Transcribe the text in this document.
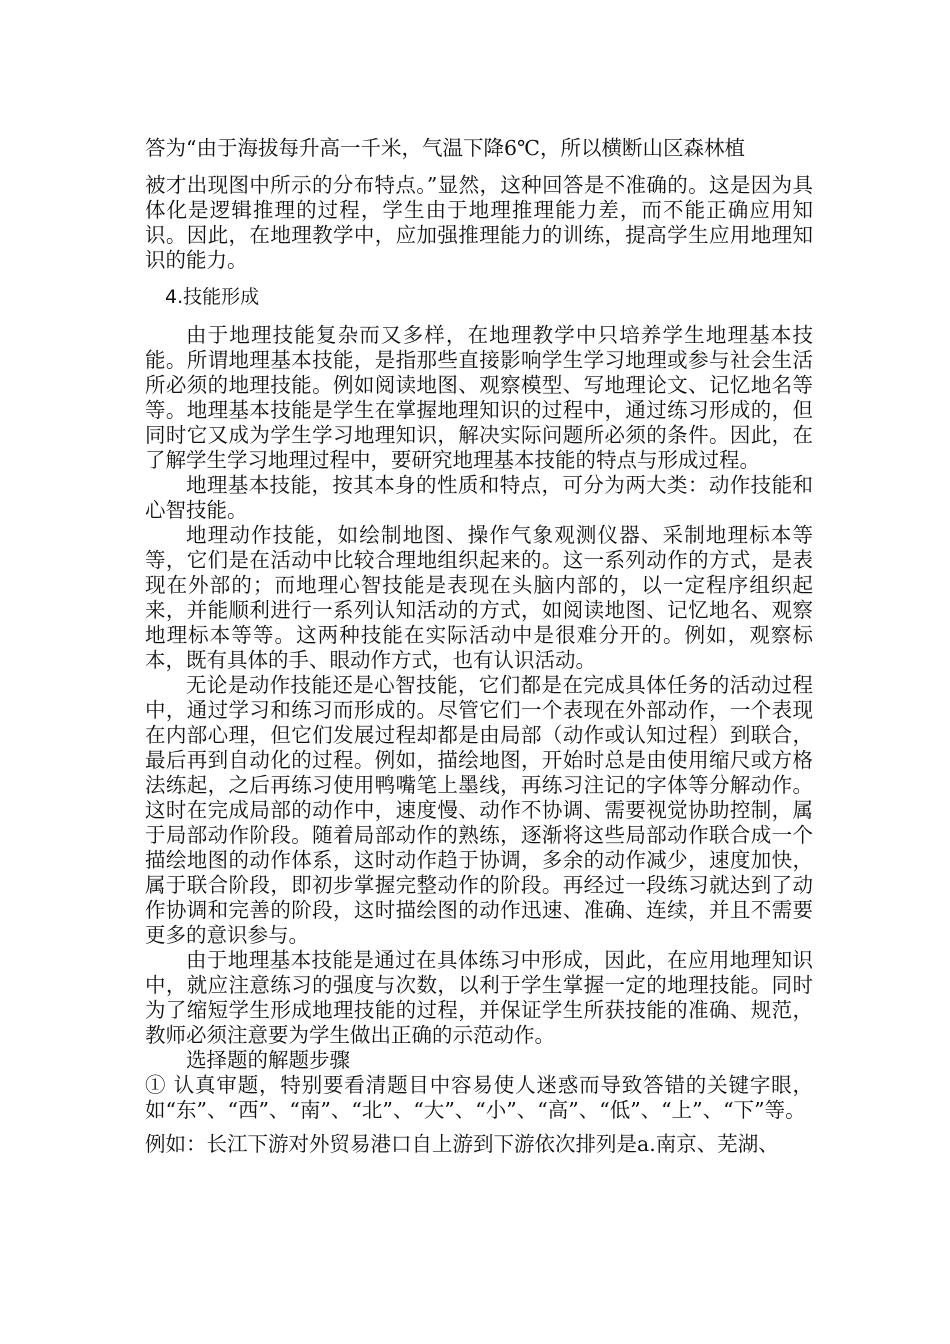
答为“由于海拔每升高一千米，气温下降6℃，所以横断山区森林植

被才出现图中所示的分布特点。”显然，这种回答是不准确的。这是因为具体化是逻辑推理的过程，学生由于地理推理能力差，而不能正确应用知识。因此，在地理教学中，应加强推理能力的训练，提高学生应用地理知识的能力。

4.技能形成

由于地理技能复杂而又多样，在地理教学中只培养学生地理基本技能。所谓地理基本技能，是指那些直接影响学生学习地理或参与社会生活所必须的地理技能。例如阅读地图、观察模型、写地理论文、记忆地名等等。地理基本技能是学生在掌握地理知识的过程中，通过练习形成的，但同时它又成为学生学习地理知识，解决实际问题所必须的条件。因此，在了解学生学习地理过程中，要研究地理基本技能的特点与形成过程。

地理基本技能，按其本身的性质和特点，可分为两大类：动作技能和心智技能。

地理动作技能，如绘制地图、操作气象观测仪器、采制地理标本等等，它们是在活动中比较合理地组织起来的。这一系列动作的方式，是表现在外部的；而地理心智技能是表现在头脑内部的，以一定程序组织起来，并能顺利进行一系列认知活动的方式，如阅读地图、记忆地名、观察地理标本等等。这两种技能在实际活动中是很难分开的。例如，观察标本，既有具体的手、眼动作方式，也有认识活动。

无论是动作技能还是心智技能，它们都是在完成具体任务的活动过程中，通过学习和练习而形成的。尽管它们一个表现在外部动作，一个表现在内部心理，但它们发展过程却都是由局部（动作或认知过程）到联合，最后再到自动化的过程。例如，描绘地图，开始时总是由使用缩尺或方格法练起，之后再练习使用鸭嘴笔上墨线，再练习注记的字体等分解动作。这时在完成局部的动作中，速度慢、动作不协调、需要视觉协助控制，属于局部动作阶段。随着局部动作的熟练，逐渐将这些局部动作联合成一个描绘地图的动作体系，这时动作趋于协调，多余的动作减少，速度加快，属于联合阶段，即初步掌握完整动作的阶段。再经过一段练习就达到了动作协调和完善的阶段，这时描绘图的动作迅速、准确、连续，并且不需要更多的意识参与。

由于地理基本技能是通过在具体练习中形成，因此，在应用地理知识中，就应注意练习的强度与次数，以利于学生掌握一定的地理技能。同时为了缩短学生形成地理技能的过程，并保证学生所获技能的准确、规范，教师必须注意要为学生做出正确的示范动作。

选择题的解题步骤

① 认真审题，特别要看清题目中容易使人迷惑而导致答错的关键字眼，如“东”、“西”、“南”、“北”、“大”、“小”、“高”、“低”、“上”、“下”等。

例如：长江下游对外贸易港口自上游到下游依次排列是a.南京、芜湖、
